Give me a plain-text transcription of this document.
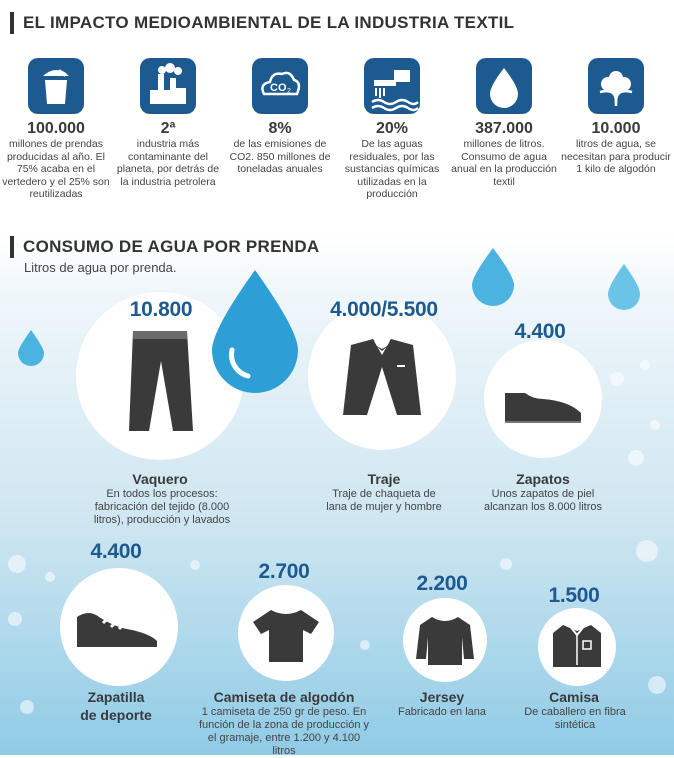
EL IMPACTO MEDIOAMBIENTAL DE LA INDUSTRIA TEXTIL
100.000
millones de prendas producidas al año. El 75% acaba en el vertedero y el 25% son reutilizadas
2ª
industria más contaminante del planeta, por detrás de la industria petrolera
CO 2
8%
de las emisiones de CO2. 850 millones de toneladas anuales
20%
De las aguas residuales, por las sustancias químicas utilizadas en la producción
387.000
millones de litros. Consumo de agua anual en la producción textil
10.000
litros de agua, se necesitan para producir 1 kilo de algodón
CONSUMO DE AGUA POR PRENDA
Litros de agua por prenda.
10.800
Vaquero
En todos los procesos: fabricación del tejido (8.000 litros), producción y lavados
4.000/5.500
Traje
Traje de chaqueta de lana de mujer y hombre
4.400
Zapatos
Unos zapatos de piel alcanzan los 8.000 litros
4.400
Zapatilla
de deporte
2.700
Camiseta de algodón
1 camiseta de 250 gr de peso. En función de la zona de producción y el gramaje, entre 1.200 y 4.100 litros
2.200
Jersey
Fabricado en lana
1.500
Camisa
De caballero en fibra sintética
